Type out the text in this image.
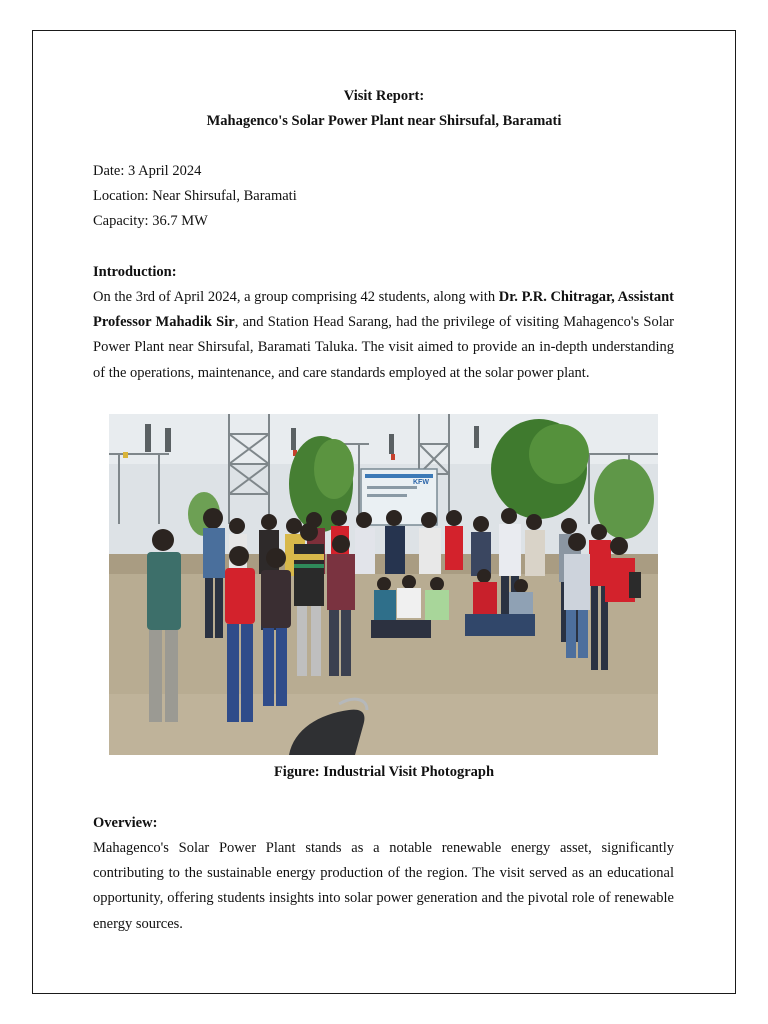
Visit Report:
Mahagenco's Solar Power Plant near Shirsufal, Baramati
Date: 3 April 2024
Location: Near Shirsufal, Baramati
Capacity: 36.7 MW
Introduction:
On the 3rd of April 2024, a group comprising 42 students, along with Dr. P.R. Chitragar, Assistant Professor Mahadik Sir, and Station Head Sarang, had the privilege of visiting Mahagenco's Solar Power Plant near Shirsufal, Baramati Taluka. The visit aimed to provide an in-depth understanding of the operations, maintenance, and care standards employed at the solar power plant.
KFW
Figure: Industrial Visit Photograph
Overview:
Mahagenco's Solar Power Plant stands as a notable renewable energy asset, significantly contributing to the sustainable energy production of the region. The visit served as an educational opportunity, offering students insights into solar power generation and the pivotal role of renewable energy sources.
